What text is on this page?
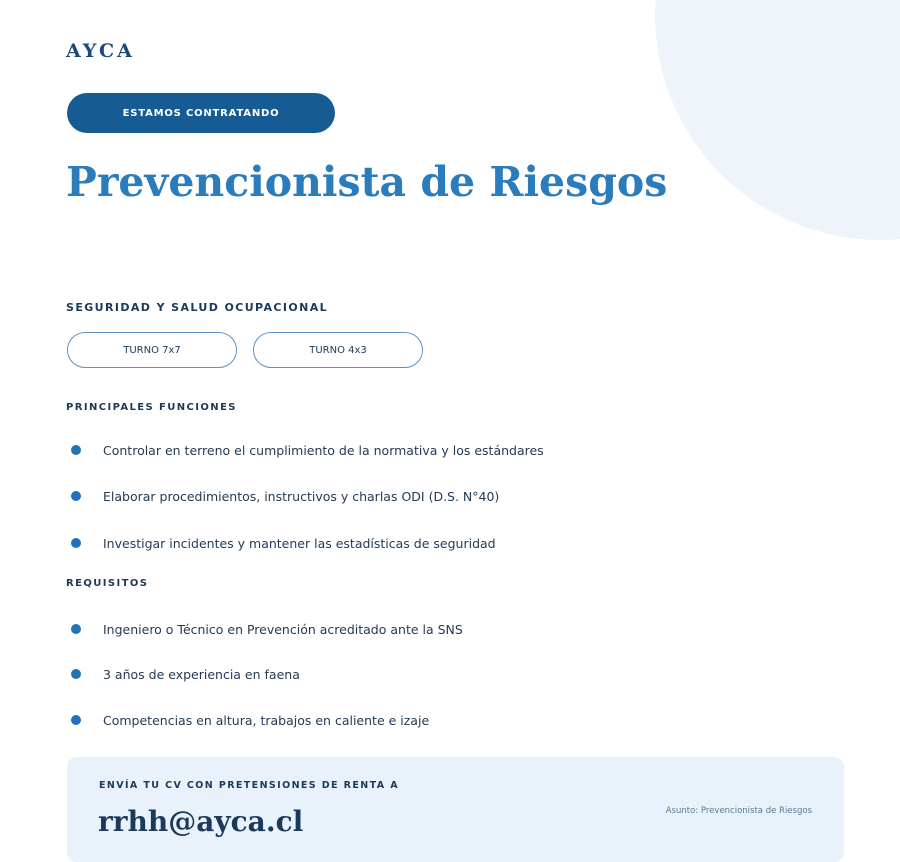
AYCA
ESTAMOS CONTRATANDO
Prevencionista de Riesgos
SEGURIDAD Y SALUD OCUPACIONAL
TURNO 7x7	TURNO 4x3
PRINCIPALES FUNCIONES
Controlar en terreno el cumplimiento de la normativa y los estándares
Elaborar procedimientos, instructivos y charlas ODI (D.S. N°40)
Investigar incidentes y mantener las estadísticas de seguridad
REQUISITOS
Ingeniero o Técnico en Prevención acreditado ante la SNS
3 años de experiencia en faena
Competencias en altura, trabajos en caliente e izaje
ENVÍA TU CV CON PRETENSIONES DE RENTA A
rrhh@ayca.cl	Asunto: Prevencionista de Riesgos
